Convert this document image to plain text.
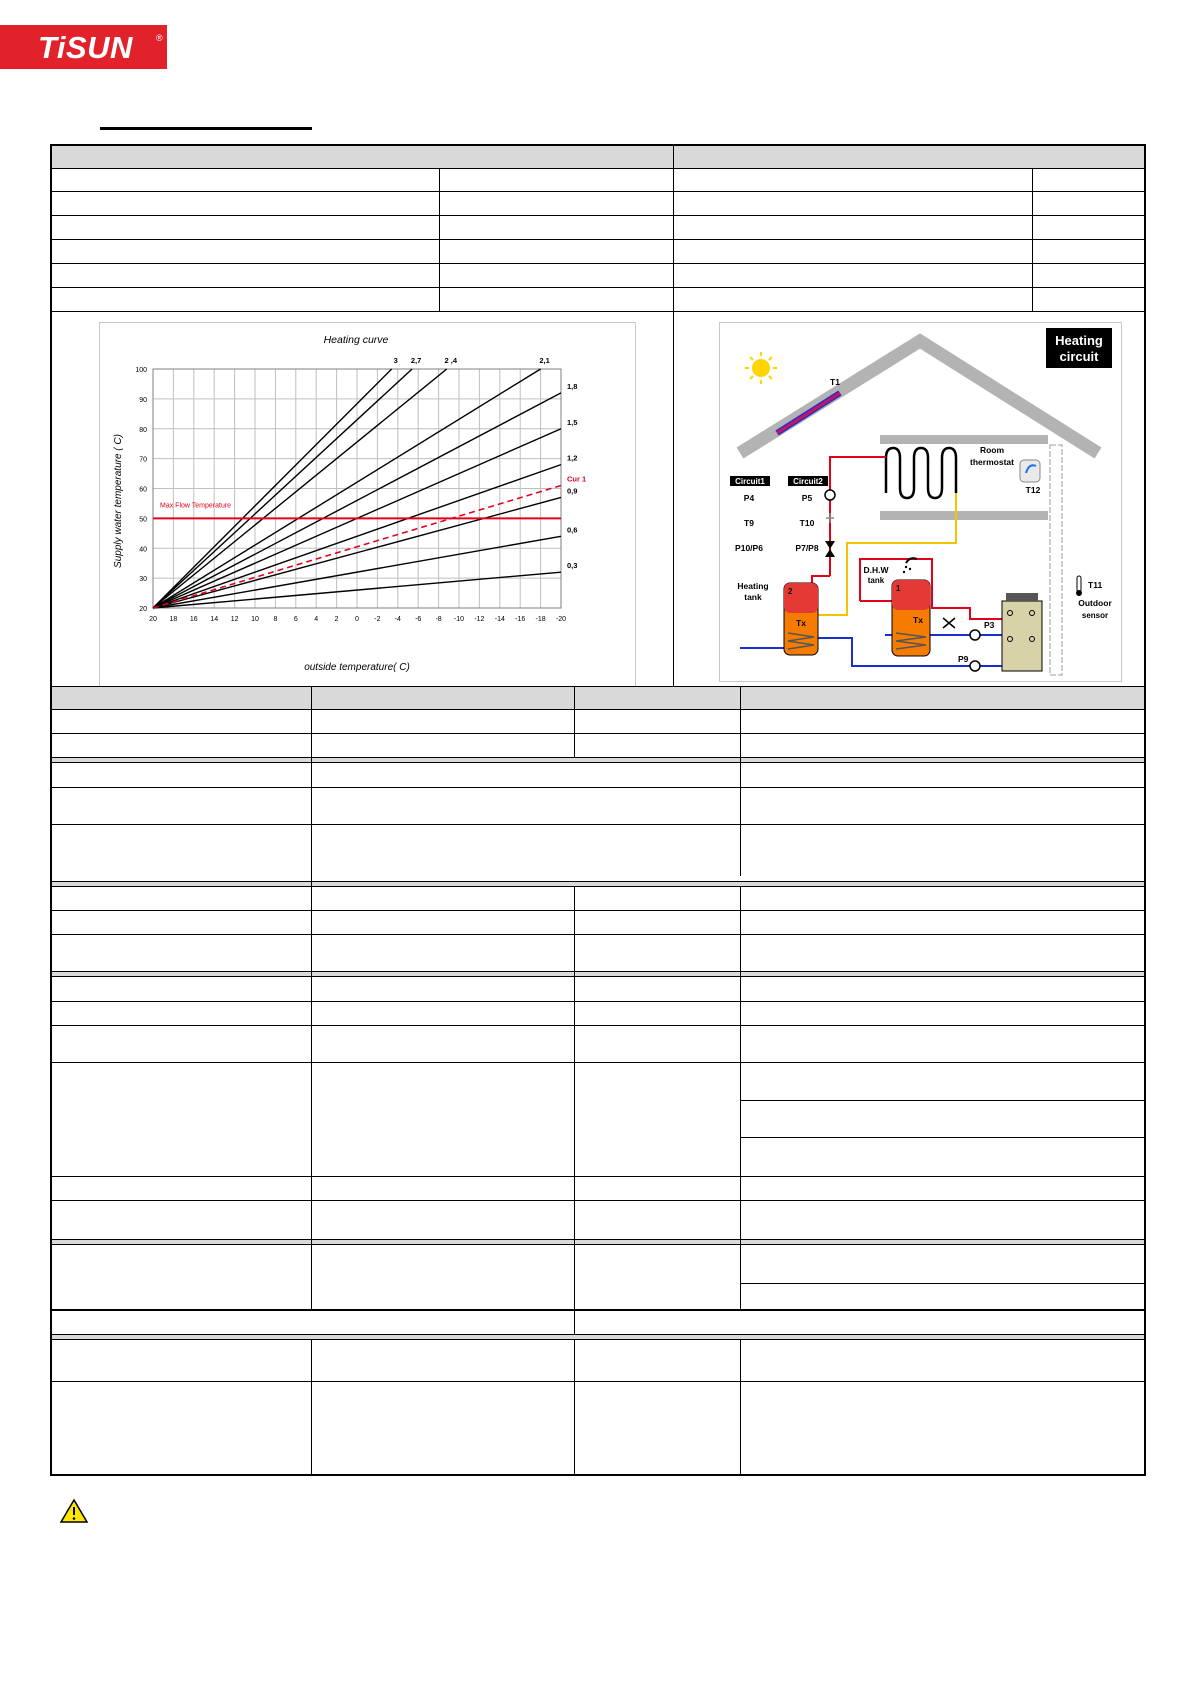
TiSUN	®
Heating curve
20 18 16 14 12 10 8 6 4 2 0 -2 -4 -6 -8 -10 -12 -14 -16 -18 -20
20
30
40
50
60
70
80
90
100
3 2,7	2 ,4	2,1
1,8
1,5
1,2
0,9
0,6
0,3
Cur 1
Max Flow Temperature
outside temperature( C)
Supply water temperature ( C)
T1
Heating
circuit
Room
thermostat
T12
Circuit1	Circuit2
P4	P5
T9	T10
P10/P6	P7/P8
2
Tx
Heating
tank
1
Tx
D.H.W
tank
P3
P9
T11
Outdoor
sensor
